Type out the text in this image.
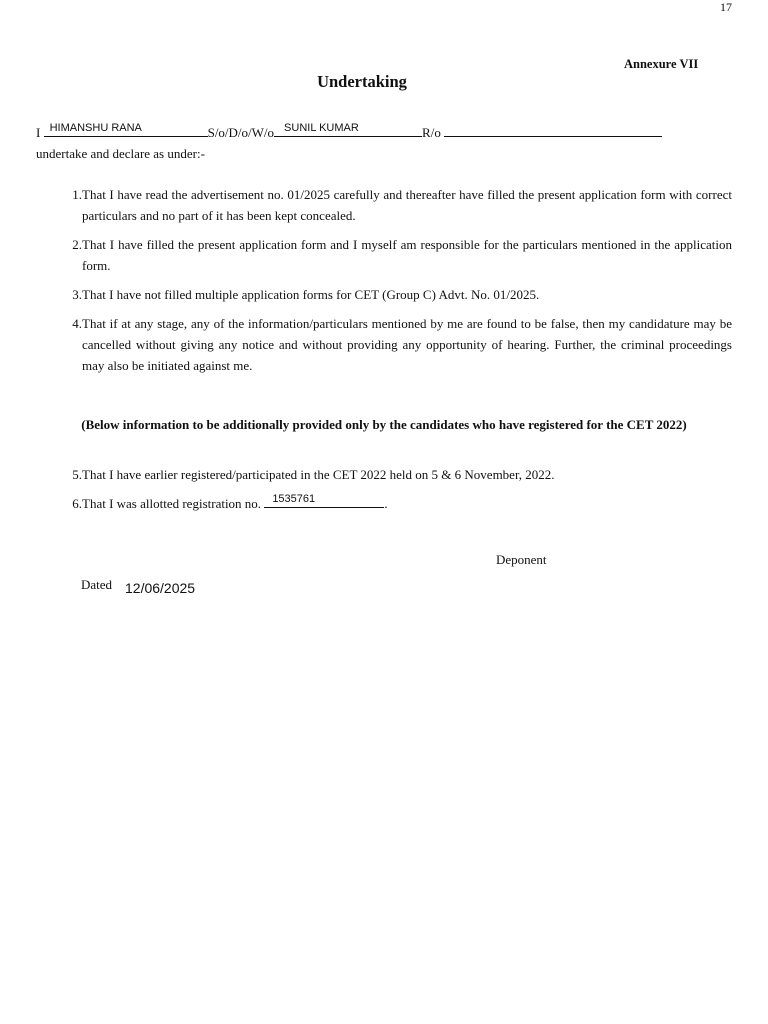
17
Annexure VII
Undertaking
I HIMANSHU RANA	S/o/D/o/W/o SUNIL KUMAR	R/o
undertake and declare as under:-
1. That I have read the advertisement no. 01/2025 carefully and thereafter have filled the present application form with correct particulars and no part of it has been kept concealed.
2. That I have filled the present application form and I myself am responsible for the particulars mentioned in the application form.
3. That I have not filled multiple application forms for CET (Group C) Advt. No. 01/2025.
4. That if at any stage, any of the information/particulars mentioned by me are found to be false, then my candidature may be cancelled without giving any notice and without providing any opportunity of hearing. Further, the criminal proceedings may also be initiated against me.
(Below information to be additionally provided only by the candidates who have registered for the CET 2022)
5. That I have earlier registered/participated in the CET 2022 held on 5 & 6 November, 2022.
6. That I was allotted registration no. 1535761	.
Deponent
Dated 12/06/2025
